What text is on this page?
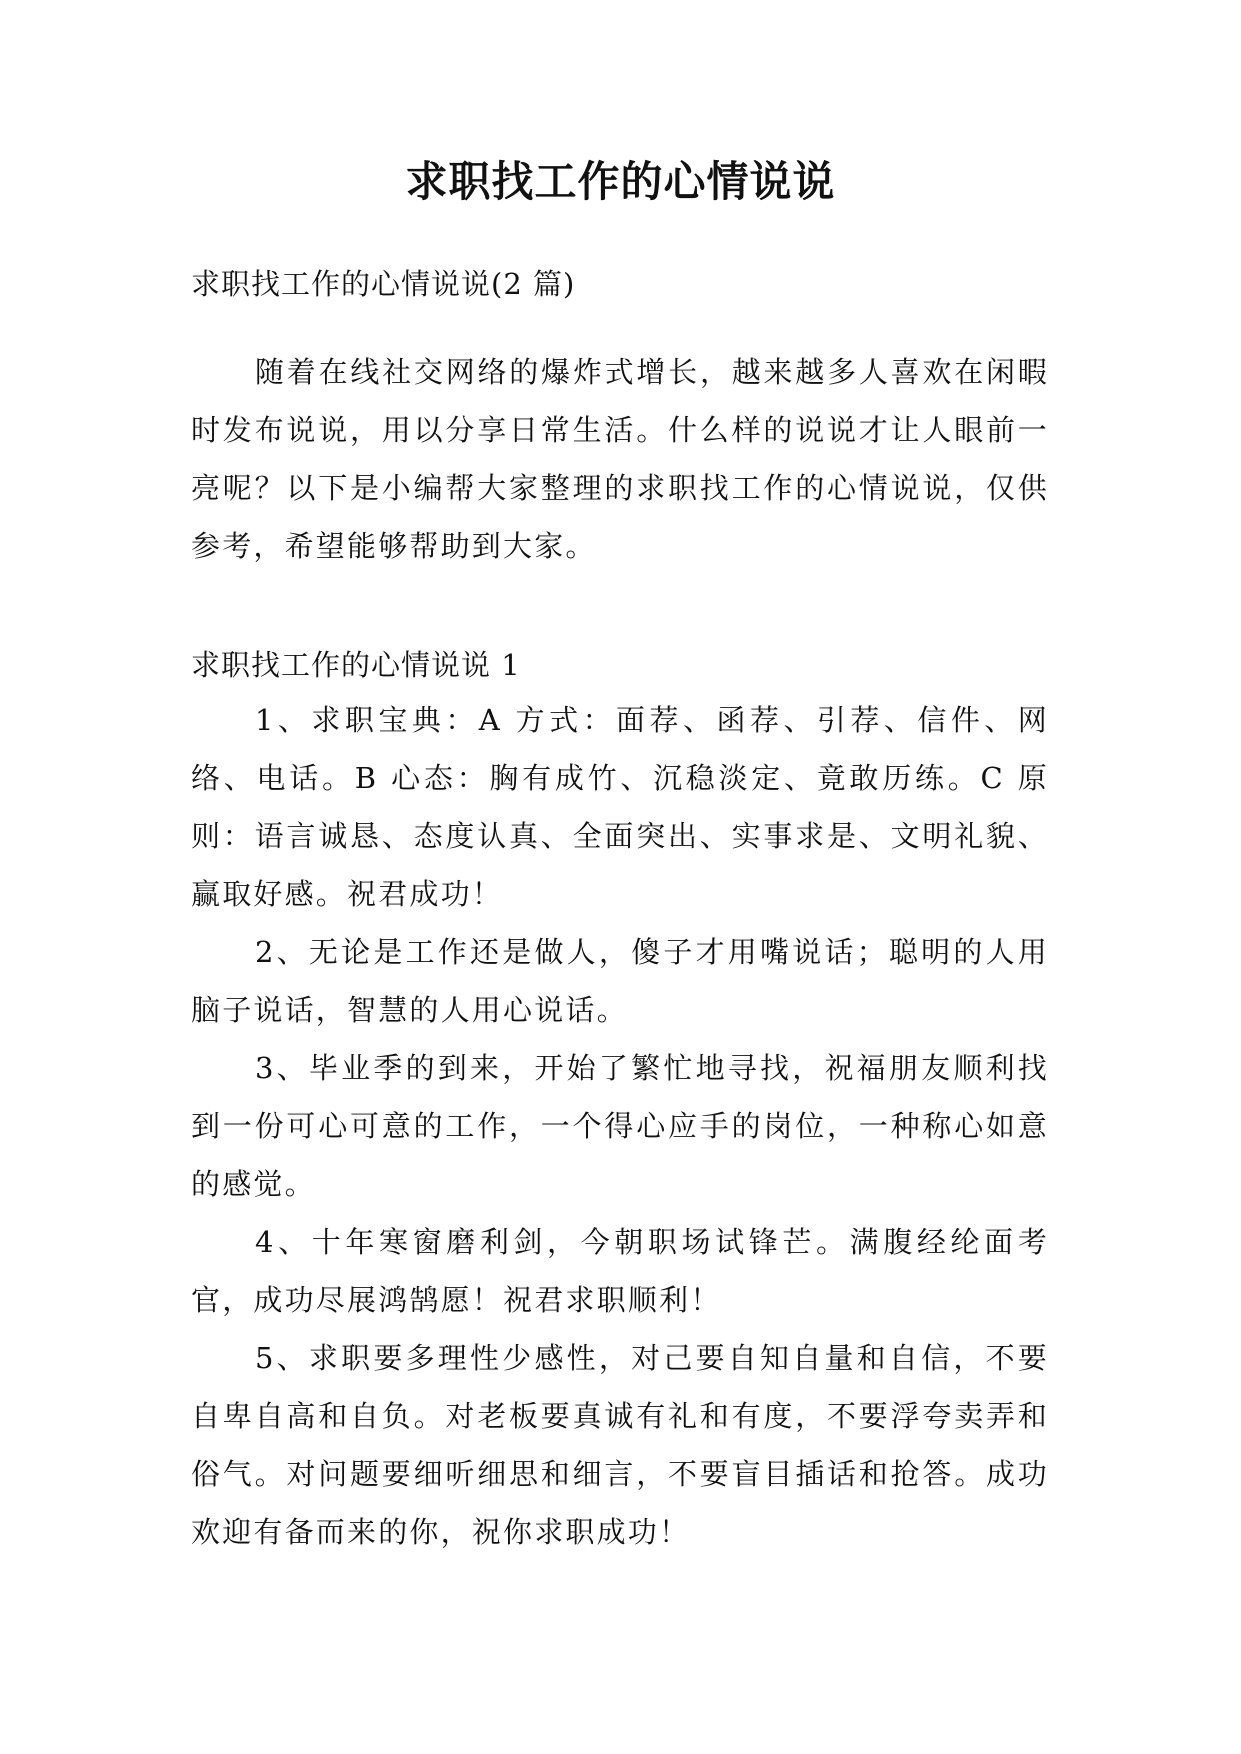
求职找工作的心情说说

求职找工作的心情说说(2 篇)

随着在线社交网络的爆炸式增长，越来越多人喜欢在闲暇时发布说说，用以分享日常生活。什么样的说说才让人眼前一亮呢？以下是小编帮大家整理的求职找工作的心情说说，仅供参考，希望能够帮助到大家。

求职找工作的心情说说 1

1、求职宝典：A 方式：面荐、函荐、引荐、信件、网络、电话。B 心态：胸有成竹、沉稳淡定、竟敢历练。C 原则：语言诚恳、态度认真、全面突出、实事求是、文明礼貌、赢取好感。祝君成功！
2、无论是工作还是做人，傻子才用嘴说话；聪明的人用脑子说话，智慧的人用心说话。
3、毕业季的到来，开始了繁忙地寻找，祝福朋友顺利找到一份可心可意的工作，一个得心应手的岗位，一种称心如意的感觉。
4、十年寒窗磨利剑，今朝职场试锋芒。满腹经纶面考官，成功尽展鸿鹄愿！祝君求职顺利！
5、求职要多理性少感性，对己要自知自量和自信，不要自卑自高和自负。对老板要真诚有礼和有度，不要浮夸卖弄和俗气。对问题要细听细思和细言，不要盲目插话和抢答。成功欢迎有备而来的你，祝你求职成功！
